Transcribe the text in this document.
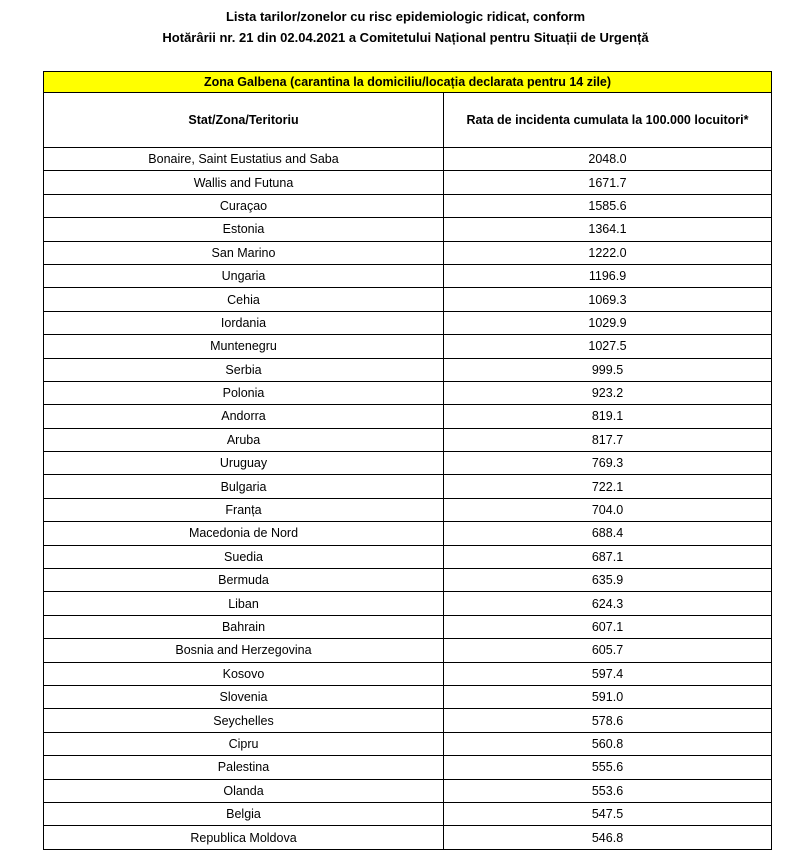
Lista tarilor/zonelor cu risc epidemiologic ridicat, conform
Hotărârii nr. 21 din 02.04.2021 a Comitetului Național pentru Situații de Urgență
Zona Galbena (carantina la domiciliu/locația declarata pentru 14 zile)	
Stat/Zona/Teritoriu	Rata de incidenta cumulata la 100.000 locuitori*
Bonaire, Saint Eustatius and Saba	2048.0
Wallis and Futuna	1671.7
Curaçao	1585.6
Estonia	1364.1
San Marino	1222.0
Ungaria	1196.9
Cehia	1069.3
Iordania	1029.9
Muntenegru	1027.5
Serbia	999.5
Polonia	923.2
Andorra	819.1
Aruba	817.7
Uruguay	769.3
Bulgaria	722.1
Franța	704.0
Macedonia de Nord	688.4
Suedia	687.1
Bermuda	635.9
Liban	624.3
Bahrain	607.1
Bosnia and Herzegovina	605.7
Kosovo	597.4
Slovenia	591.0
Seychelles	578.6
Cipru	560.8
Palestina	555.6
Olanda	553.6
Belgia	547.5
Republica Moldova	546.8
